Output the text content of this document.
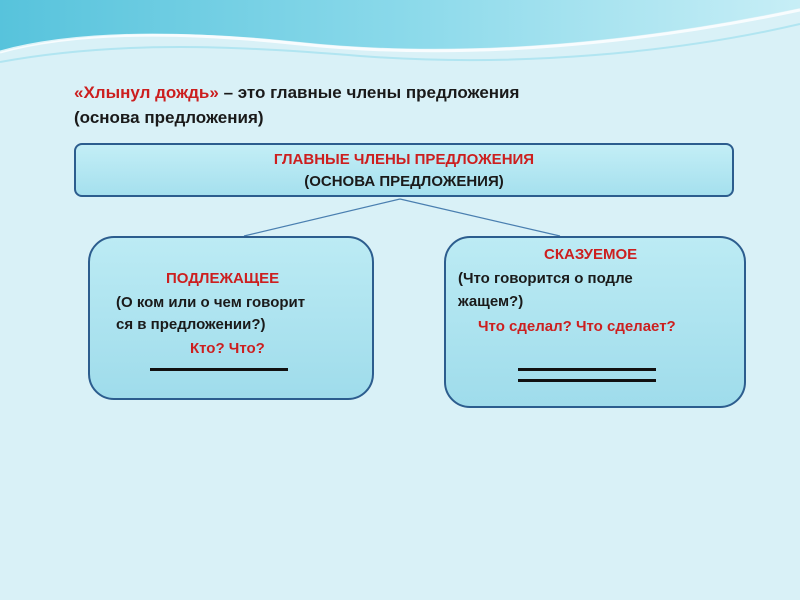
«Хлынул дождь» – это главные члены предложения
(основа предложения)
ГЛАВНЫЕ ЧЛЕНЫ ПРЕДЛОЖЕНИЯ
(ОСНОВА ПРЕДЛОЖЕНИЯ)
ПОДЛЕЖАЩЕЕ
(О ком или о чем говорит
ся в предложении?)
Кто? Что?
СКАЗУЕМОЕ
(Что говорится о подле
жащем?)
Что сделал? Что сделает?
